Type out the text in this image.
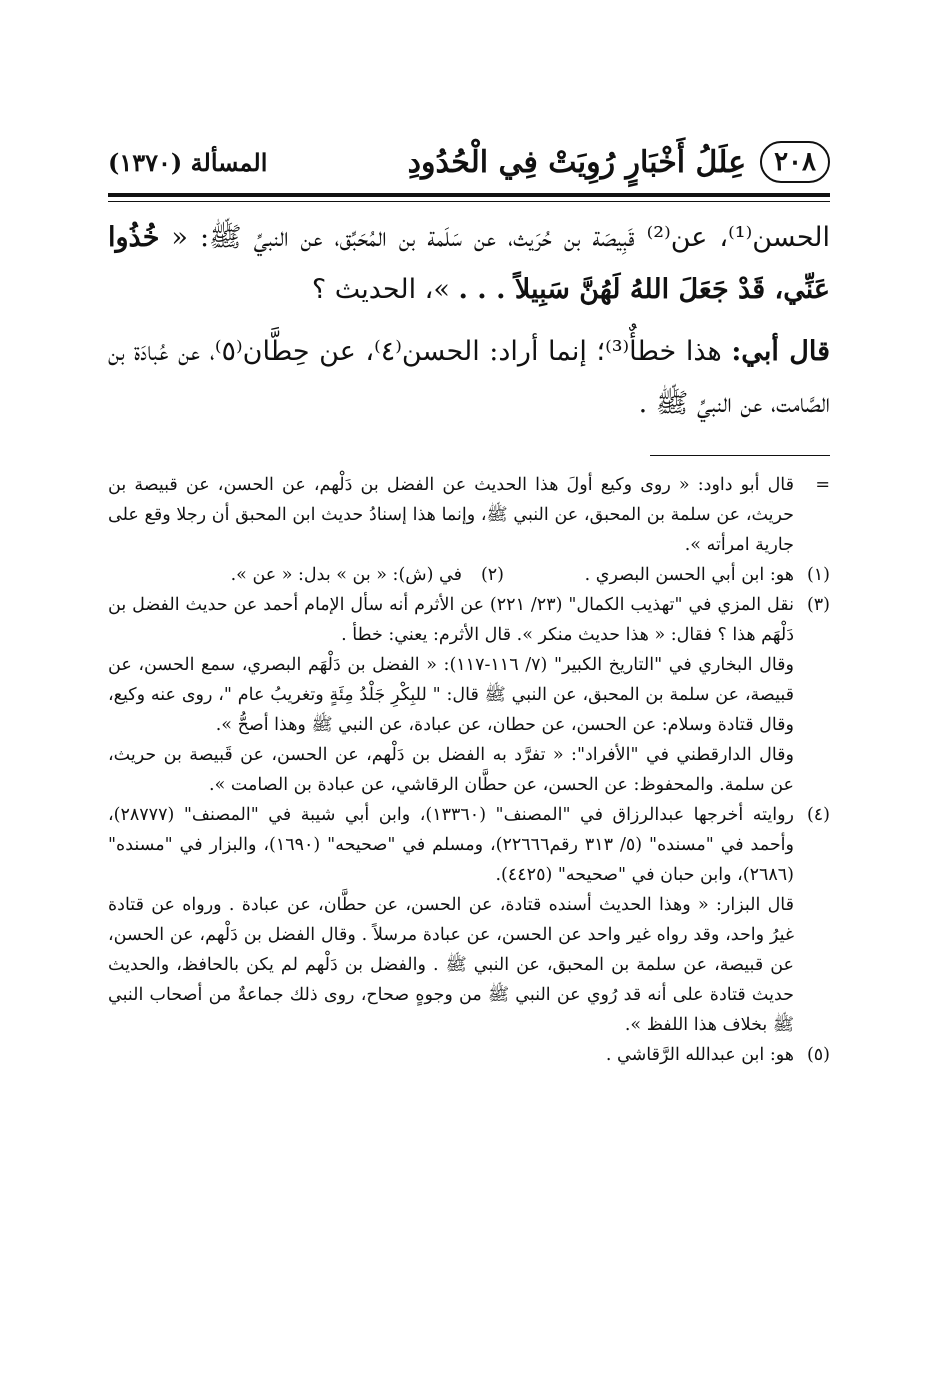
٢٠٨
عِلَلُ أَخْبَارٍ رُوِيَتْ فِي الْحُدُودِ
المسألة (١٣٧٠)

الحسن⁽¹⁾، عن⁽²⁾ قَبِيصَة بن حُرَيث، عن سَلَمة بن المُحَبِّق، عن النبيِّ ﷺ: « خُذُوا عَنِّي، قَدْ جَعَلَ اللهُ لَهُنَّ سَبِيلاً . . . »، الحديث ؟

قال أبي: هذا خطأٌ⁽³⁾؛ إنما أراد: الحسن⁽٤⁾، عن حِطَّان⁽٥⁾، عن عُبادَة بن الصَّامت، عن النبيِّ ﷺ .

=

قال أبو داود: « روى وكيع أولَ هذا الحديث عن الفضل بن دَلْهم، عن الحسن، عن قبيصة بن حريث، عن سلمة بن المحبق، عن النبي ﷺ، وإنما هذا إسنادُ حديث ابن المحبق أن رجلا وقع على جارية امرأته ».

(١)
هو: ابن أبي الحسن البصري .
(٢)
في (ش): « بن » بدل: « عن ».
(٣)

نقل المزي في "تهذيب الكمال" (٢٣/ ٢٢١) عن الأثرم أنه سأل الإمام أحمد عن حديث الفضل بن دَلْهَم هذا ؟ فقال: « هذا حديث منكر ». قال الأثرم: يعني: خطأ .

وقال البخاري في "التاريخ الكبير" (٧/ ١١٦-١١٧): « الفضل بن دَلْهَم البصري، سمع الحسن، عن قبيصة، عن سلمة بن المحبق، عن النبي ﷺ قال: " للبِكْرِ جَلْدُ مِئَةٍ وتغريبُ عام "، روى عنه وكيع، وقال قتادة وسلام: عن الحسن، عن حطان، عن عبادة، عن النبي ﷺ وهذا أصحُّ ».

وقال الدارقطني في "الأفراد": « تفرَّد به الفضل بن دَلْهم، عن الحسن، عن قَبيصة بن حريث، عن سلمة. والمحفوظ: عن الحسن، عن حطَّان الرقاشي، عن عبادة بن الصامت ».

(٤)

روايته أخرجها عبدالرزاق في "المصنف" (١٣٣٦٠)، وابن أبي شيبة في "المصنف" (٢٨٧٧٧)، وأحمد في "مسنده" (٥/ ٣١٣ رقم٢٢٦٦٦)، ومسلم في "صحيحه" (١٦٩٠)، والبزار في "مسنده" (٢٦٨٦)، وابن حبان في "صحيحه" (٤٤٢٥).

قال البزار: « وهذا الحديث أسنده قتادة، عن الحسن، عن حطَّان، عن عبادة . ورواه عن قتادة غيرُ واحد، وقد رواه غير واحد عن الحسن، عن عبادة مرسلاً . وقال الفضل بن دَلْهم، عن الحسن، عن قبيصة، عن سلمة بن المحبق، عن النبي ﷺ . والفضل بن دَلْهم لم يكن بالحافظ، والحديث حديث قتادة على أنه قد رُوي عن النبي ﷺ من وجوهٍ صحاح، روى ذلك جماعةٌ من أصحاب النبي ﷺ بخلاف هذا اللفظ ».

(٥)
هو: ابن عبدالله الرَّقاشي .
